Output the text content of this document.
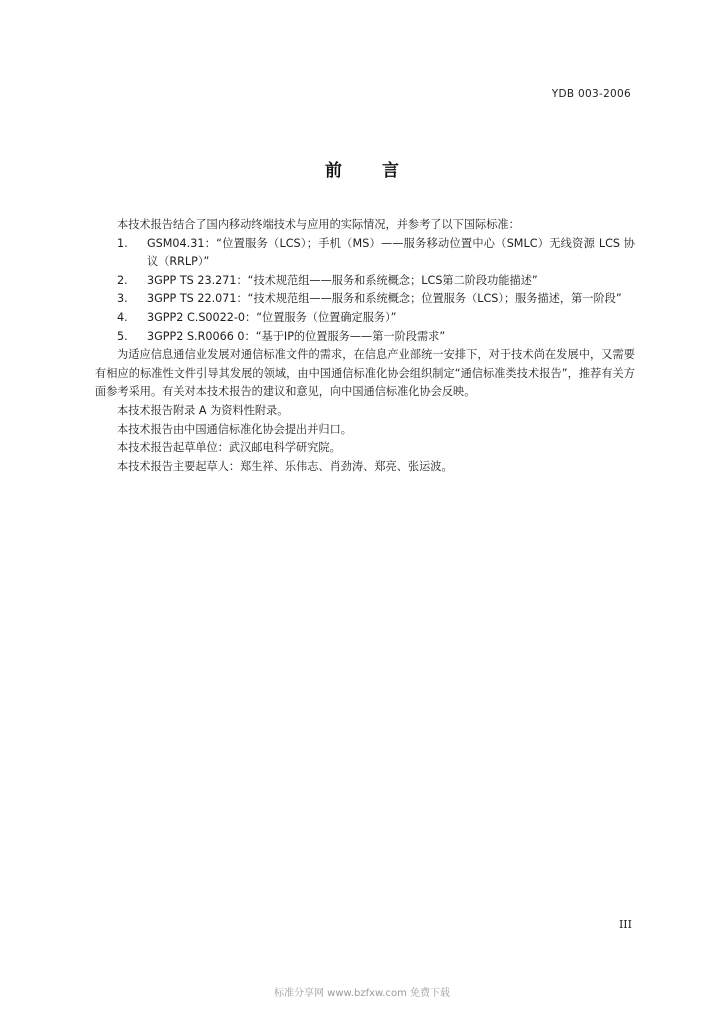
YDB 003-2006
前言

本技术报告结合了国内移动终端技术与应用的实际情况，并参考了以下国际标准：

1.	GSM04.31：“位置服务（LCS）；手机（MS）——服务移动位置中心（SMLC）无线资源 LCS 协议（RRLP）”
2.	3GPP TS 23.271：“技术规范组——服务和系统概念；LCS第二阶段功能描述”
3.	3GPP TS 22.071：“技术规范组——服务和系统概念；位置服务（LCS）；服务描述，第一阶段”
4.	3GPP2 C.S0022-0：“位置服务（位置确定服务）”
5.	3GPP2 S.R0066 0：“基于IP的位置服务——第一阶段需求”

为适应信息通信业发展对通信标准文件的需求，在信息产业部统一安排下，对于技术尚在发展中，又需要有相应的标准性文件引导其发展的领域，由中国通信标准化协会组织制定“通信标准类技术报告”，推荐有关方面参考采用。有关对本技术报告的建议和意见，向中国通信标准化协会反映。

本技术报告附录 A 为资料性附录。

本技术报告由中国通信标准化协会提出并归口。

本技术报告起草单位：武汉邮电科学研究院。

本技术报告主要起草人：郑生祥、乐伟志、肖劲涛、郑亮、张运波。

III
标准分享网 www.bzfxw.com 免费下载
